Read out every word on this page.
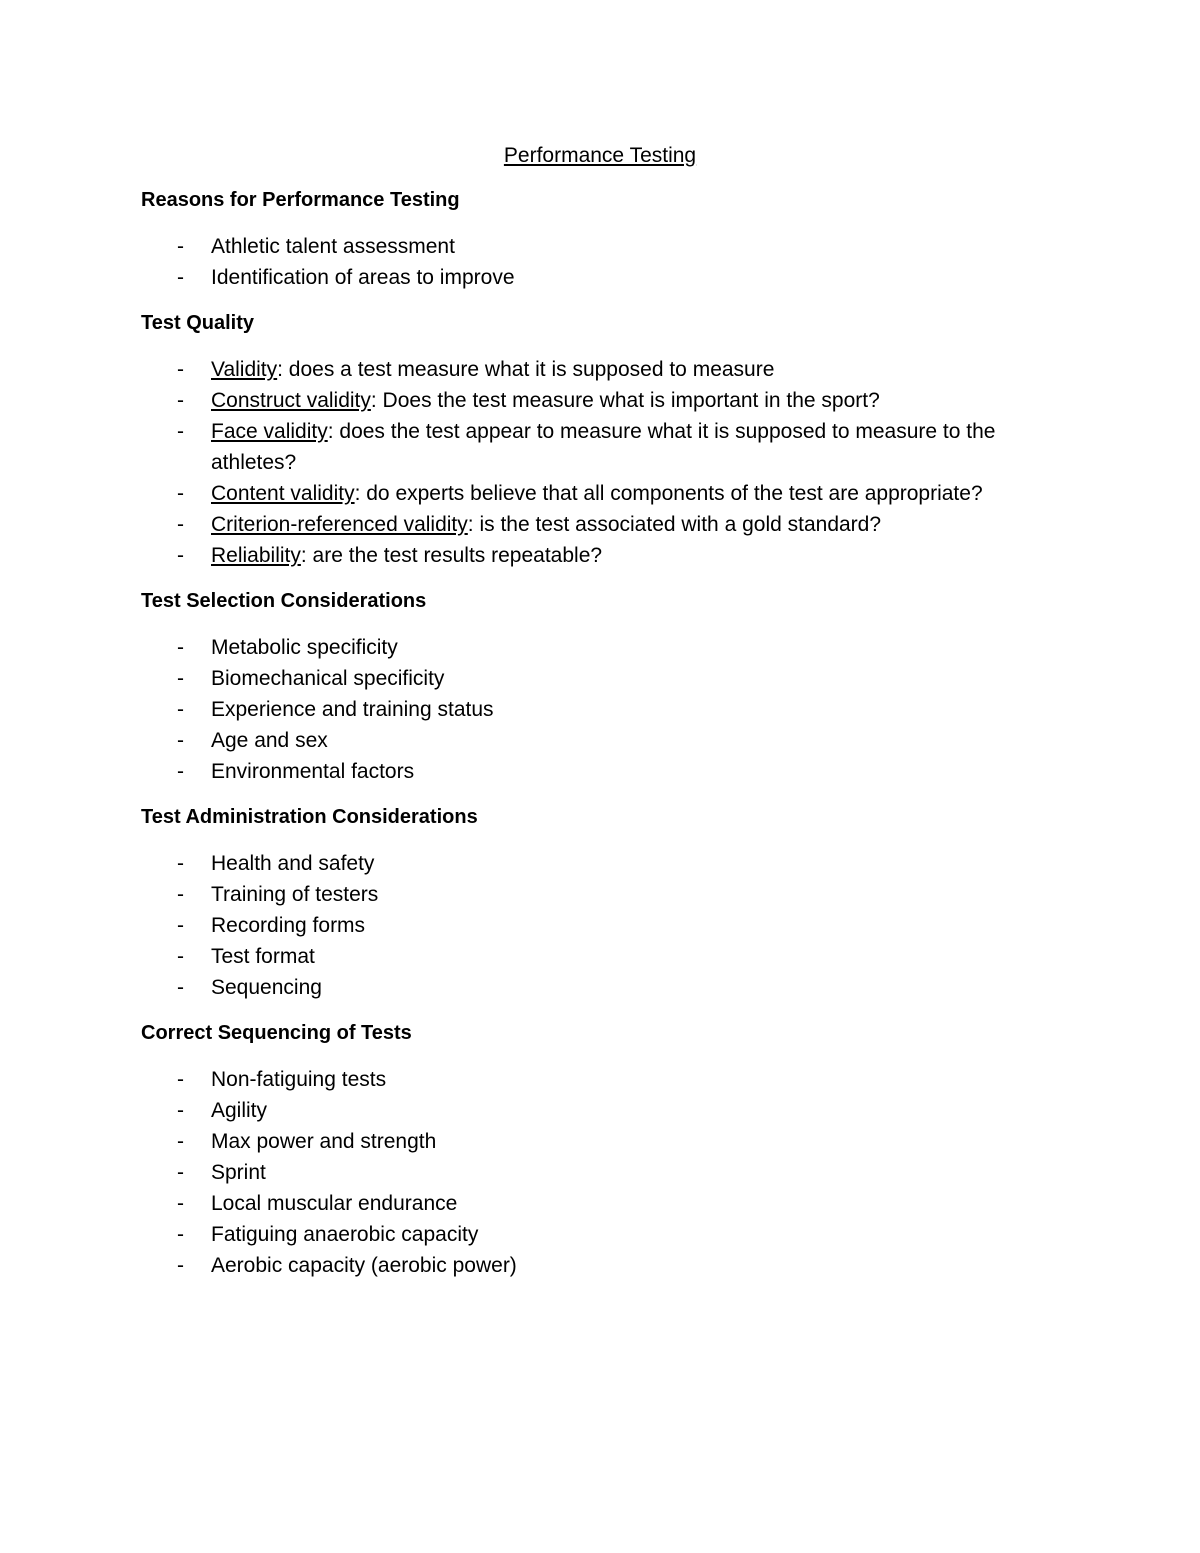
Performance Testing
Reasons for Performance Testing
- Athletic talent assessment
- Identification of areas to improve
Test Quality
- Validity: does a test measure what it is supposed to measure
- Construct validity: Does the test measure what is important in the sport?
- Face validity: does the test appear to measure what it is supposed to measure to the athletes?
- Content validity: do experts believe that all components of the test are appropriate?
- Criterion-referenced validity: is the test associated with a gold standard?
- Reliability: are the test results repeatable?
Test Selection Considerations
- Metabolic specificity
- Biomechanical specificity
- Experience and training status
- Age and sex
- Environmental factors
Test Administration Considerations
- Health and safety
- Training of testers
- Recording forms
- Test format
- Sequencing
Correct Sequencing of Tests
- Non-fatiguing tests
- Agility
- Max power and strength
- Sprint
- Local muscular endurance
- Fatiguing anaerobic capacity
- Aerobic capacity (aerobic power)
